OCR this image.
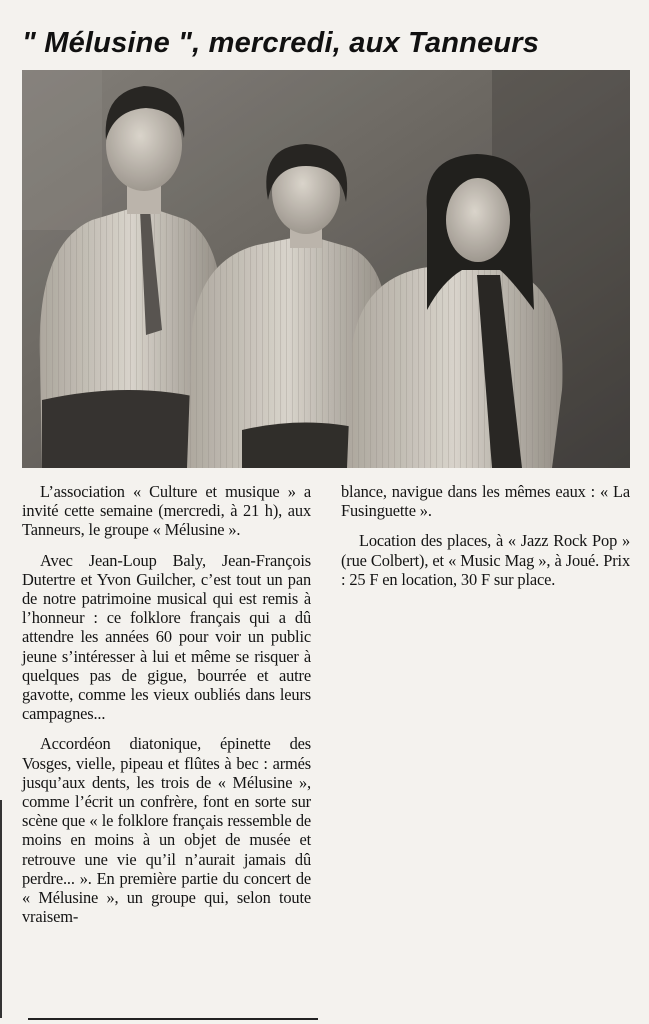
" Mélusine ", mercredi, aux Tanneurs

L’association « Culture et musique » a invité cette semaine (mercredi, à 21 h), aux Tanneurs, le groupe « Mélusine ».

Avec Jean-Loup Baly, Jean-François Dutertre et Yvon Guilcher, c’est tout un pan de notre patrimoine musical qui est remis à l’honneur : ce folklore français qui a dû attendre les années 60 pour voir un public jeune s’intéresser à lui et même se risquer à quelques pas de gigue, bourrée et autre gavotte, comme les vieux oubliés dans leurs campagnes...

Accordéon diatonique, épinette des Vosges, vielle, pipeau et flûtes à bec : armés jusqu’aux dents, les trois de « Mélusine », comme l’écrit un confrère, font en sorte sur scène que « le folklore français ressemble de moins en moins à un objet de musée et retrouve une vie qu’il n’aurait jamais dû perdre... ». En première partie du concert de « Mélusine », un groupe qui, selon toute vraisem-

blance, navigue dans les mêmes eaux : « La Fusinguette ».

Location des places, à « Jazz Rock Pop » (rue Colbert), et « Music Mag », à Joué. Prix : 25 F en location, 30 F sur place.
